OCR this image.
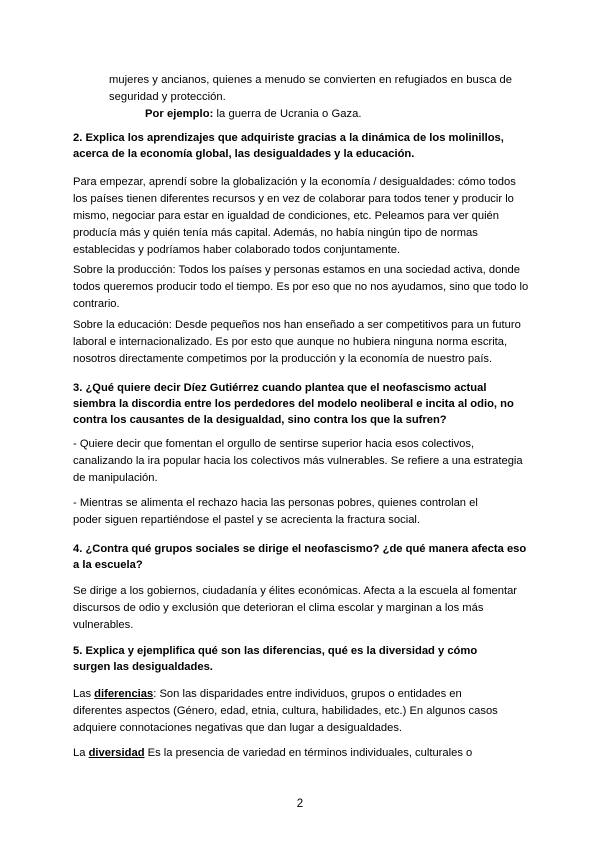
mujeres y ancianos, quienes a menudo se convierten en refugiados en busca de
seguridad y protección.
Por ejemplo: la guerra de Ucrania o Gaza.
2. Explica los aprendizajes que adquiriste gracias a la dinámica de los molinillos,
acerca de la economía global, las desigualdades y la educación.
Para empezar, aprendí sobre la globalización y la economía / desigualdades: cómo todos
los países tienen diferentes recursos y en vez de colaborar para todos tener y producir lo
mismo, negociar para estar en igualdad de condiciones, etc. Peleamos para ver quién
producía más y quién tenía más capital. Además, no había ningún tipo de normas
establecidas y podríamos haber colaborado todos conjuntamente.
Sobre la producción: Todos los países y personas estamos en una sociedad activa, donde
todos queremos producir todo el tiempo. Es por eso que no nos ayudamos, sino que todo lo
contrario.
Sobre la educación: Desde pequeños nos han enseñado a ser competitivos para un futuro
laboral e internacionalizado. Es por esto que aunque no hubiera ninguna norma escrita,
nosotros directamente competimos por la producción y la economía de nuestro país.
3. ¿Qué quiere decir Díez Gutiérrez cuando plantea que el neofascismo actual
siembra la discordia entre los perdedores del modelo neoliberal e incita al odio, no
contra los causantes de la desigualdad, sino contra los que la sufren?
- Quiere decir que fomentan el orgullo de sentirse superior hacia esos colectivos,
canalizando la ira popular hacia los colectivos más vulnerables. Se refiere a una estrategia
de manipulación.
- Mientras se alimenta el rechazo hacia las personas pobres, quienes controlan el
poder siguen repartiéndose el pastel y se acrecienta la fractura social.
4. ¿Contra qué grupos sociales se dirige el neofascismo? ¿de qué manera afecta eso
a la escuela?
Se dirige a los gobiernos, ciudadanía y élites económicas. Afecta a la escuela al fomentar
discursos de odio y exclusión que deterioran el clima escolar y marginan a los más
vulnerables.
5. Explica y ejemplifica qué son las diferencias, qué es la diversidad y cómo
surgen las desigualdades.
Las diferencias: Son las disparidades entre individuos, grupos o entidades en
diferentes aspectos (Género, edad, etnia, cultura, habilidades, etc.) En algunos casos
adquiere connotaciones negativas que dan lugar a desigualdades.
La diversidad Es la presencia de variedad en términos individuales, culturales o
2
